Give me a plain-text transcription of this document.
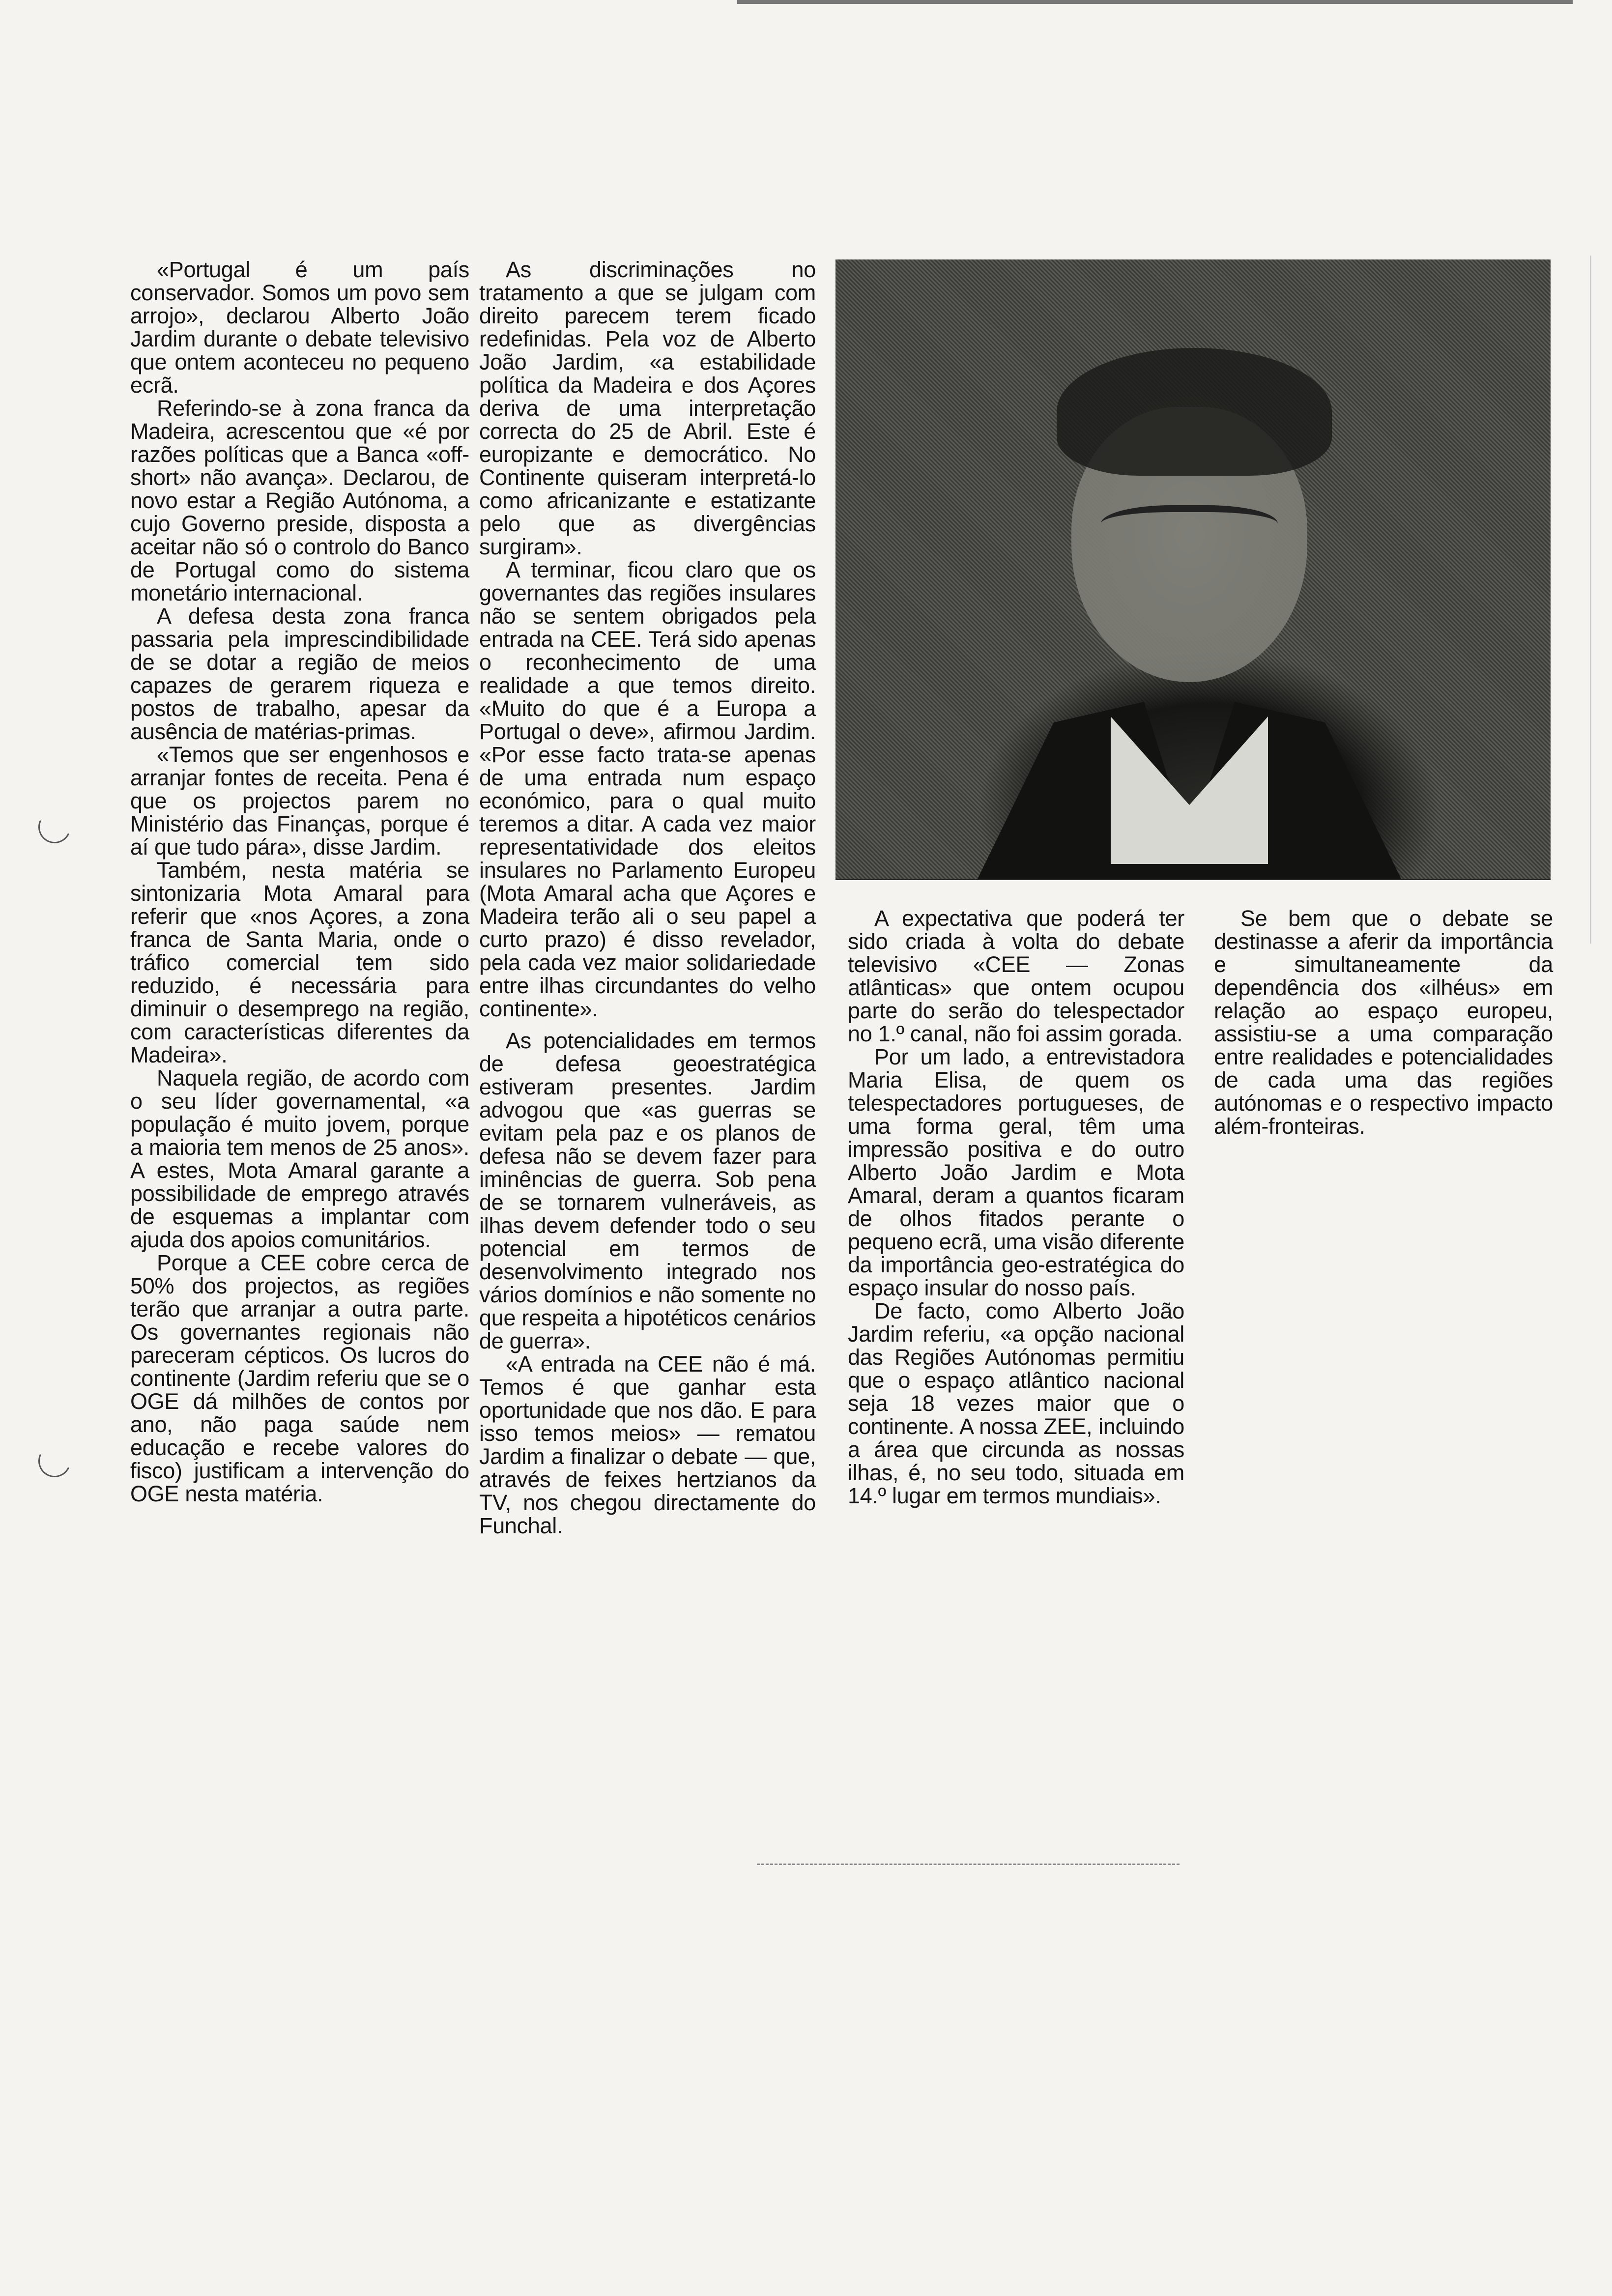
«Portugal é um país conservador. Somos um povo sem arrojo», declarou Alberto João Jardim durante o debate televisivo que ontem aconteceu no pequeno ecrã.

Referindo-se à zona franca da Madeira, acrescentou que «é por razões políticas que a Banca «off-short» não avança». Declarou, de novo estar a Região Autónoma, a cujo Governo preside, disposta a aceitar não só o controlo do Banco de Portugal como do sistema monetário internacional.

A defesa desta zona franca passaria pela imprescindibilidade de se dotar a região de meios capazes de gerarem riqueza e postos de trabalho, apesar da ausência de matérias-primas.

«Temos que ser engenhosos e arranjar fontes de receita. Pena é que os projectos parem no Ministério das Finanças, porque é aí que tudo pára», disse Jardim.

Também, nesta matéria se sintonizaria Mota Amaral para referir que «nos Açores, a zona franca de Santa Maria, onde o tráfico comercial tem sido reduzido, é necessária para diminuir o desemprego na região, com características diferentes da Madeira».

Naquela região, de acordo com o seu líder governamental, «a população é muito jovem, porque a maioria tem menos de 25 anos». A estes, Mota Amaral garante a possibilidade de emprego através de esquemas a implantar com ajuda dos apoios comunitários.

Porque a CEE cobre cerca de 50% dos projectos, as regiões terão que arranjar a outra parte. Os governantes regionais não pareceram cépticos. Os lucros do continente (Jardim referiu que se o OGE dá milhões de contos por ano, não paga saúde nem educação e recebe valores do fisco) justificam a intervenção do OGE nesta matéria.

As discriminações no tratamento a que se julgam com direito parecem terem ficado redefinidas. Pela voz de Alberto João Jardim, «a estabilidade política da Madeira e dos Açores deriva de uma interpretação correcta do 25 de Abril. Este é europizante e democrático. No Continente quiseram interpretá-lo como africanizante e estatizante pelo que as divergências surgiram».

A terminar, ficou claro que os governantes das regiões insulares não se sentem obrigados pela entrada na CEE. Terá sido apenas o reconhecimento de uma realidade a que temos direito. «Muito do que é a Europa a Portugal o deve», afirmou Jardim. «Por esse facto trata-se apenas de uma entrada num espaço económico, para o qual muito teremos a ditar. A cada vez maior representatividade dos eleitos insulares no Parlamento Europeu (Mota Amaral acha que Açores e Madeira terão ali o seu papel a curto prazo) é disso revelador, pela cada vez maior solidariedade entre ilhas circundantes do velho continente».

As potencialidades em termos de defesa geoestratégica estiveram presentes. Jardim advogou que «as guerras se evitam pela paz e os planos de defesa não se devem fazer para iminências de guerra. Sob pena de se tornarem vulneráveis, as ilhas devem defender todo o seu potencial em termos de desenvolvimento integrado nos vários domínios e não somente no que respeita a hipotéticos cenários de guerra».

«A entrada na CEE não é má. Temos é que ganhar esta oportunidade que nos dão. E para isso temos meios» — rematou Jardim a finalizar o debate — que, através de feixes hertzianos da TV, nos chegou directamente do Funchal.

A expectativa que poderá ter sido criada à volta do debate televisivo «CEE — Zonas atlânticas» que ontem ocupou parte do serão do telespectador no 1.º canal, não foi assim gorada.

Por um lado, a entrevistadora Maria Elisa, de quem os telespectadores portugueses, de uma forma geral, têm uma impressão positiva e do outro Alberto João Jardim e Mota Amaral, deram a quantos ficaram de olhos fitados perante o pequeno ecrã, uma visão diferente da importância geo-estratégica do espaço insular do nosso país.

De facto, como Alberto João Jardim referiu, «a opção nacional das Regiões Autónomas permitiu que o espaço atlântico nacional seja 18 vezes maior que o continente. A nossa ZEE, incluindo a área que circunda as nossas ilhas, é, no seu todo, situada em 14.º lugar em termos mundiais».

Se bem que o debate se destinasse a aferir da importância e simultaneamente da dependência dos «ilhéus» em relação ao espaço europeu, assistiu-se a uma comparação entre realidades e potencialidades de cada uma das regiões autónomas e o respectivo impacto além-fronteiras.
